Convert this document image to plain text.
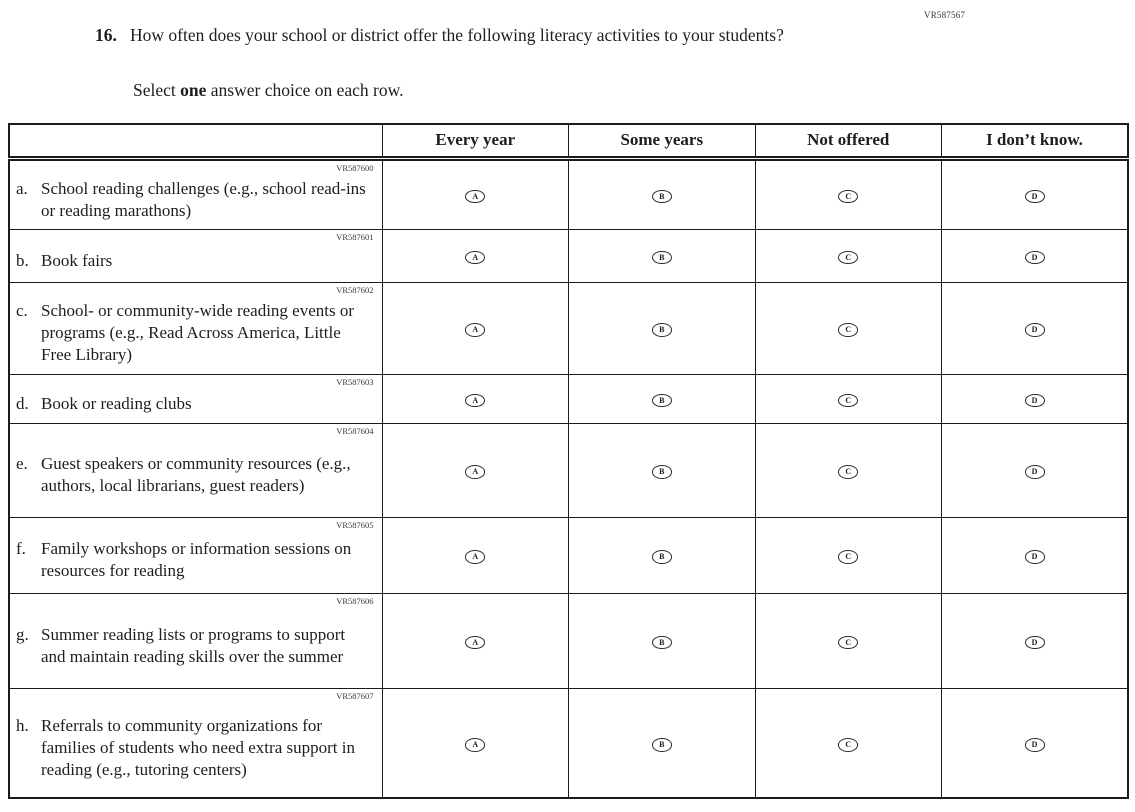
VR587567
16. How often does your school or district offer the following literacy activities to your students?
Select one answer choice on each row.
	Every year	Some years	Not offered	I don’t know.

VR587600
a. School reading challenges (e.g., school read-ins or reading marathons)	A	B	C	D

VR587601
b. Book fairs	A	B	C	D

VR587602
c. School- or community-wide reading events or programs (e.g., Read Across America, Little Free Library)	A	B	C	D

VR587603
d. Book or reading clubs	A	B	C	D

VR587604
e. Guest speakers or community resources (e.g., authors, local librarians, guest readers)	A	B	C	D

VR587605
f. Family workshops or information sessions on resources for reading	A	B	C	D

VR587606
g. Summer reading lists or programs to support and maintain reading skills over the summer	A	B	C	D

VR587607
h. Referrals to community organizations for families of students who need extra support in reading (e.g., tutoring centers)	A	B	C	D
